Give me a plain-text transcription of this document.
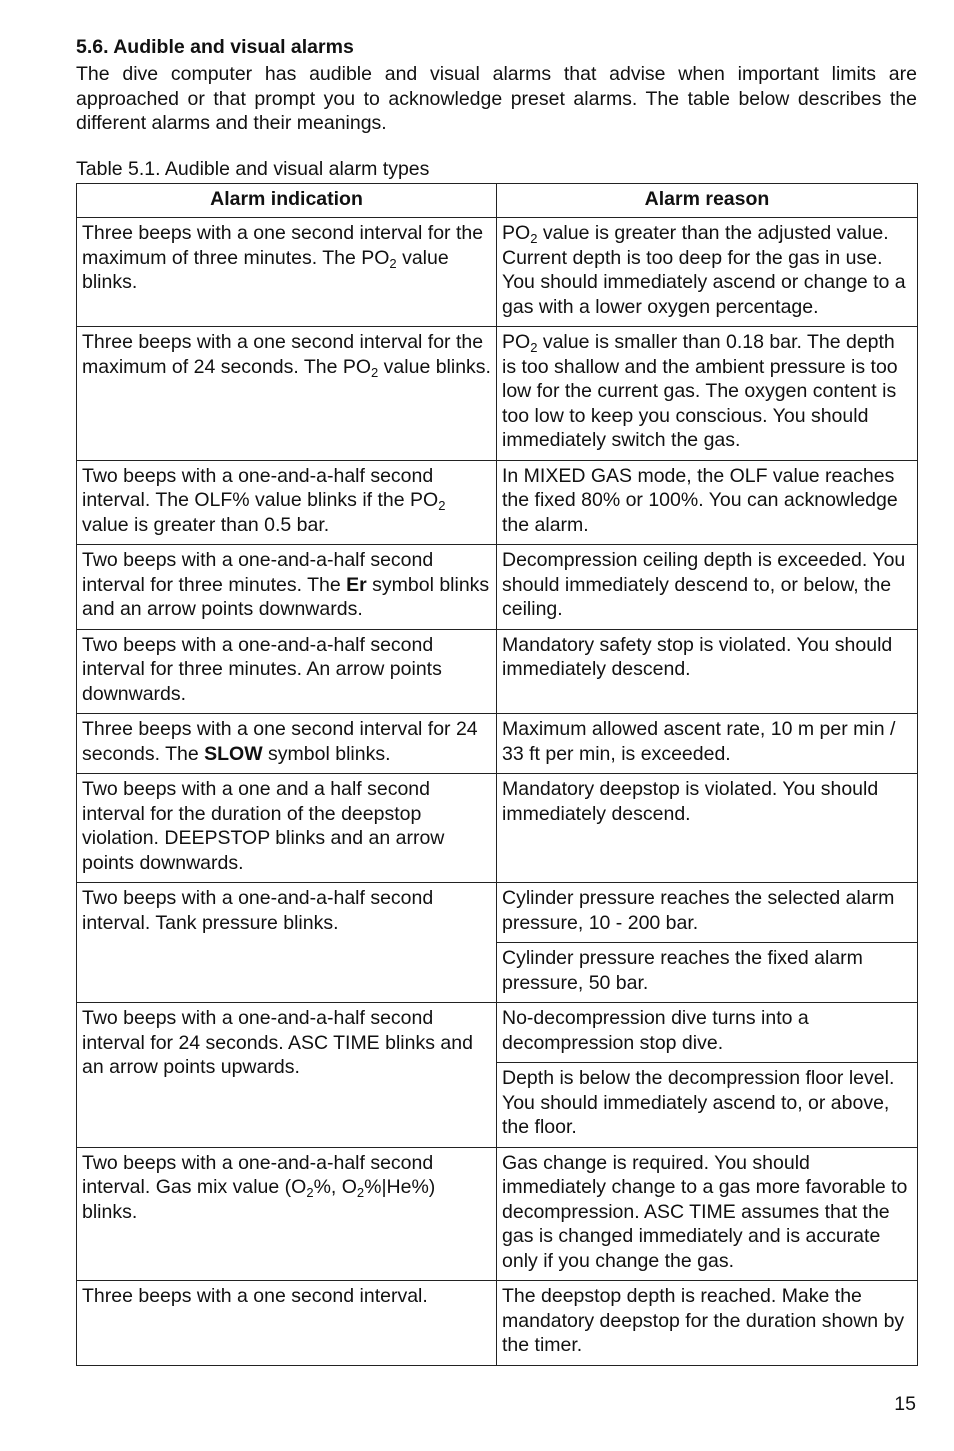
5.6. Audible and visual alarms

The dive computer has audible and visual alarms that advise when important limits are approached or that prompt you to acknowledge preset alarms. The table below describes the different alarms and their meanings.

Table 5.1. Audible and visual alarm types
Alarm indication	Alarm reason
Three beeps with a one second interval for the maximum of three minutes. The $PO_2$ value blinks.	$PO_2$ value is greater than the adjusted value. Current depth is too deep for the gas in use. You should immediately ascend or change to a gas with a lower oxygen percentage.
Three beeps with a one second interval for the maximum of 24 seconds. The $PO_2$ value blinks.	$PO_2$ value is smaller than 0.18 bar. The depth is too shallow and the ambient pressure is too low for the current gas. The oxygen content is too low to keep you conscious. You should immediately switch the gas.
Two beeps with a one-and-a-half second interval. The OLF% value blinks if the $PO_2$ value is greater than 0.5 bar.	In MIXED GAS mode, the OLF value reaches the fixed 80% or 100%. You can acknowledge the alarm.
Two beeps with a one-and-a-half second interval for three minutes. The Er symbol blinks and an arrow points downwards.	Decompression ceiling depth is exceeded. You should immediately descend to, or below, the ceiling.
Two beeps with a one-and-a-half second interval for three minutes. An arrow points downwards.	Mandatory safety stop is violated. You should immediately descend.
Three beeps with a one second interval for 24 seconds. The SLOW symbol blinks.	Maximum allowed ascent rate, 10 m per min / 33 ft per min, is exceeded.
Two beeps with a one and a half second interval for the duration of the deepstop violation. DEEPSTOP blinks and an arrow points downwards.	Mandatory deepstop is violated. You should immediately descend.
Two beeps with a one-and-a-half second interval. Tank pressure blinks.	Cylinder pressure reaches the selected alarm pressure, 10 - 200 bar.
	Cylinder pressure reaches the fixed alarm pressure, 50 bar.
Two beeps with a one-and-a-half second interval for 24 seconds. ASC TIME blinks and an arrow points upwards.	No-decompression dive turns into a decompression stop dive.
	Depth is below the decompression floor level. You should immediately ascend to, or above, the floor.
Two beeps with a one-and-a-half second interval. Gas mix value ($O_2\%$, $O_2\%|He\%$) blinks.	Gas change is required. You should immediately change to a gas more favorable to decompression. ASC TIME assumes that the gas is changed immediately and is accurate only if you change the gas.
Three beeps with a one second interval.	The deepstop depth is reached. Make the mandatory deepstop for the duration shown by the timer.
15
